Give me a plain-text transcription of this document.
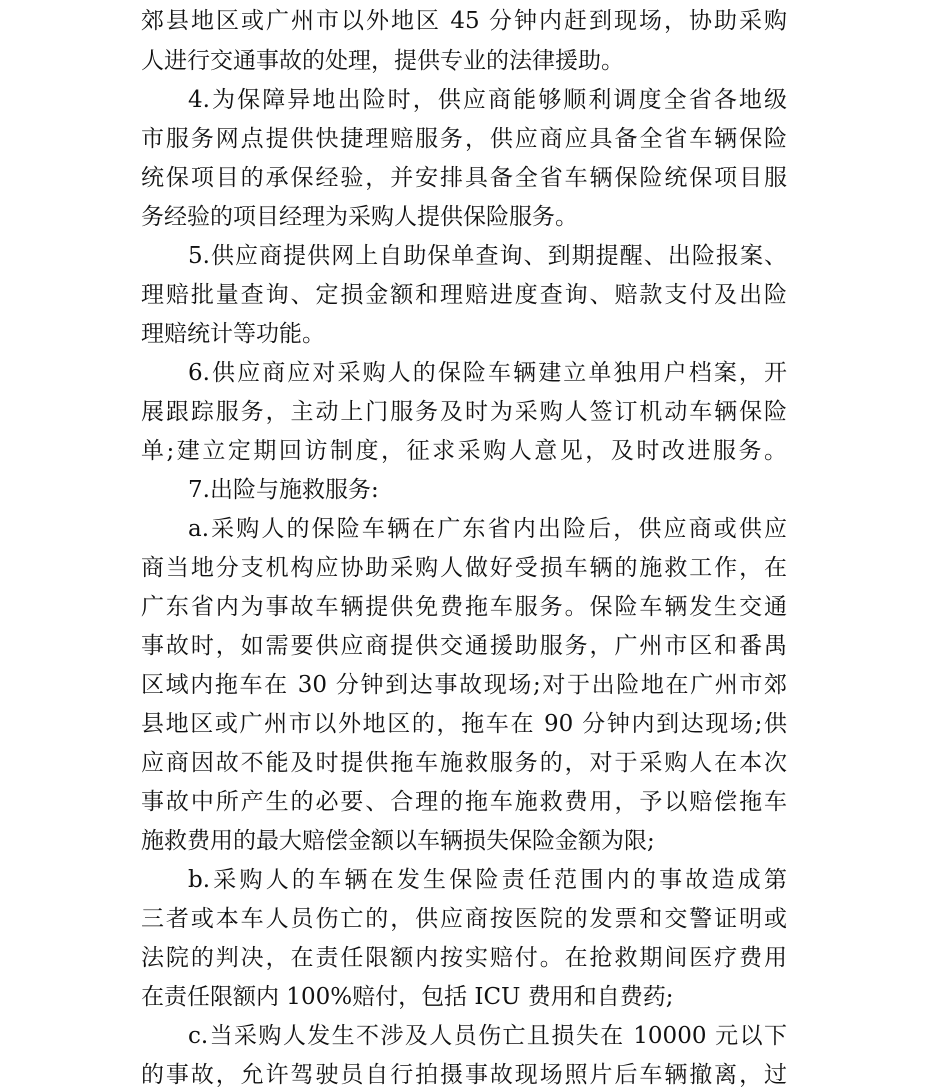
郊县地区或广州市以外地区 45 分钟内赶到现场，协助采购
人进行交通事故的处理，提供专业的法律援助。
4.为保障异地出险时，供应商能够顺利调度全省各地级
市服务网点提供快捷理赔服务，供应商应具备全省车辆保险
统保项目的承保经验，并安排具备全省车辆保险统保项目服
务经验的项目经理为采购人提供保险服务。
5.供应商提供网上自助保单查询、到期提醒、出险报案、
理赔批量查询、定损金额和理赔进度查询、赔款支付及出险
理赔统计等功能。
6.供应商应对采购人的保险车辆建立单独用户档案，开
展跟踪服务，主动上门服务及时为采购人签订机动车辆保险
单;建立定期回访制度，征求采购人意见，及时改进服务。
7.出险与施救服务:
a.采购人的保险车辆在广东省内出险后，供应商或供应
商当地分支机构应协助采购人做好受损车辆的施救工作，在
广东省内为事故车辆提供免费拖车服务。保险车辆发生交通
事故时，如需要供应商提供交通援助服务，广州市区和番禺
区域内拖车在 30 分钟到达事故现场;对于出险地在广州市郊
县地区或广州市以外地区的，拖车在 90 分钟内到达现场;供
应商因故不能及时提供拖车施救服务的，对于采购人在本次
事故中所产生的必要、合理的拖车施救费用，予以赔偿拖车
施救费用的最大赔偿金额以车辆损失保险金额为限;
b.采购人的车辆在发生保险责任范围内的事故造成第
三者或本车人员伤亡的，供应商按医院的发票和交警证明或
法院的判决，在责任限额内按实赔付。在抢救期间医疗费用
在责任限额内 100%赔付，包括 ICU 费用和自费药;
c.当采购人发生不涉及人员伤亡且损失在 10000 元以下
的事故，允许驾驶员自行拍摄事故现场照片后车辆撤离，过
